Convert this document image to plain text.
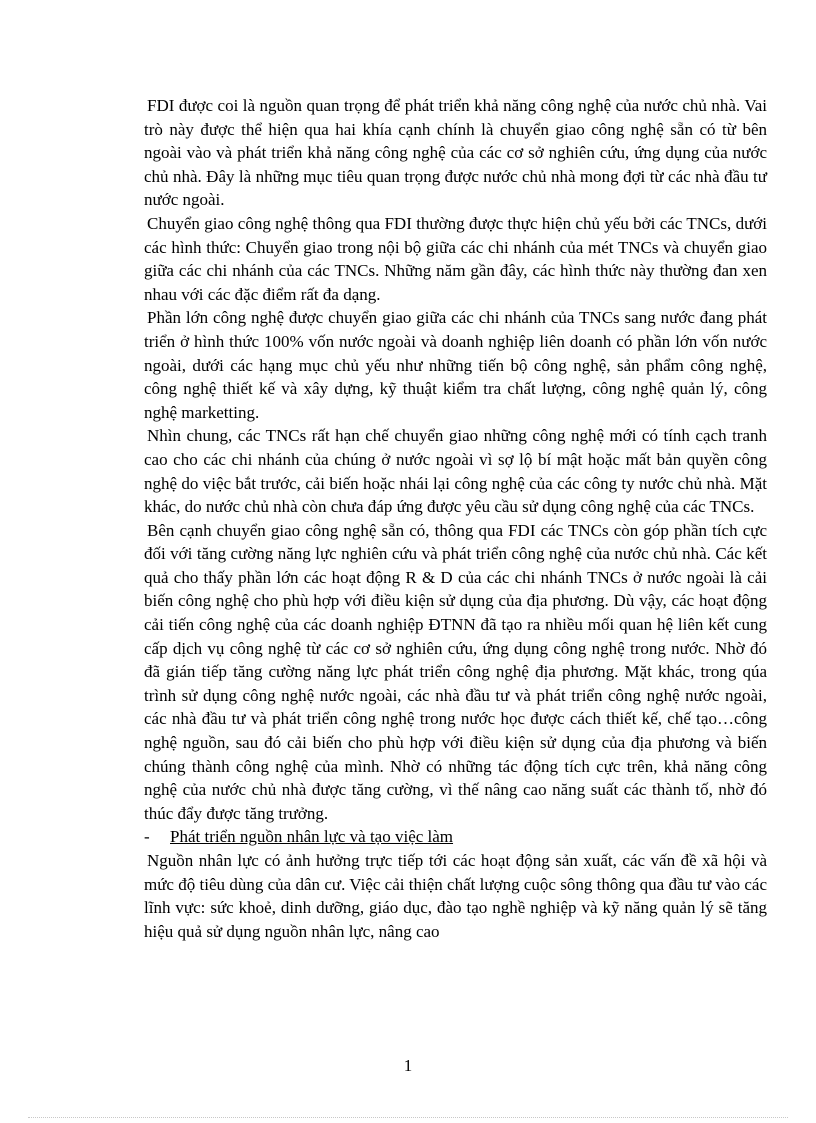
FDI được coi là nguồn quan trọng để phát triển khả năng công nghệ của nước chủ nhà. Vai trò này được thể hiện qua hai khía cạnh chính là chuyển giao công nghệ sẵn có từ bên ngoài vào và phát triển khả năng công nghệ của các cơ sở nghiên cứu, ứng dụng của nước chủ nhà. Đây là những mục tiêu quan trọng được nước chủ nhà mong đợi từ các nhà đầu tư nước ngoài.

Chuyển giao công nghệ thông qua FDI thường được thực hiện chủ yếu bởi các TNCs, dưới các hình thức: Chuyển giao trong nội bộ giữa các chi nhánh của mét TNCs và chuyển giao giữa các chi nhánh của các TNCs. Những năm gần đây, các hình thức này thường đan xen nhau với các đặc điểm rất đa dạng.

Phần lớn công nghệ được chuyển giao giữa các chi nhánh của TNCs sang nước đang phát triển ở hình thức 100% vốn nước ngoài và doanh nghiệp liên doanh có phần lớn vốn nước ngoài, dưới các hạng mục chủ yếu như những tiến bộ công nghệ, sản phẩm công nghệ, công nghệ thiết kế và xây dựng, kỹ thuật kiểm tra chất lượng, công nghệ quản lý, công nghệ marketting.

Nhìn chung, các TNCs rất hạn chế chuyển giao những công nghệ mới có tính cạch tranh cao cho các chi nhánh của chúng ở nước ngoài vì sợ lộ bí mật hoặc mất bản quyền công nghệ do việc bắt trước, cải biến hoặc nhái lại công nghệ của các công ty nước chủ nhà. Mặt khác, do nước chủ nhà còn chưa đáp ứng được yêu cầu sử dụng công nghệ của các TNCs.

Bên cạnh chuyển giao công nghệ sẵn có, thông qua FDI các TNCs còn góp phần tích cực đối với tăng cường năng lực nghiên cứu và phát triển công nghệ của nước chủ nhà. Các kết quả cho thấy phần lớn các hoạt động R & D của các chi nhánh TNCs ở nước ngoài là cải biến công nghệ cho phù hợp với điều kiện sử dụng của địa phương. Dù vậy, các hoạt động cải tiến công nghệ của các doanh nghiệp ĐTNN đã tạo ra nhiều mối quan hệ liên kết cung cấp dịch vụ công nghệ từ các cơ sở nghiên cứu, ứng dụng công nghệ trong nước. Nhờ đó đã gián tiếp tăng cường năng lực phát triển công nghệ địa phương. Mặt khác, trong qúa trình sử dụng công nghệ nước ngoài, các nhà đầu tư và phát triển công nghệ nước ngoài, các nhà đầu tư và phát triển công nghệ trong nước học được cách thiết kế, chế tạo…công nghệ nguồn, sau đó cải biến cho phù hợp với điều kiện sử dụng của địa phương và biến chúng thành công nghệ của mình. Nhờ có những tác động tích cực trên, khả năng công nghệ của nước chủ nhà được tăng cường, vì thế nâng cao năng suất các thành tố, nhờ đó thúc đẩy được tăng trưởng.

-	Phát triển nguồn nhân lực và tạo việc làm

Nguồn nhân lực có ảnh hưởng trực tiếp tới các hoạt động sản xuất, các vấn đề xã hội và mức độ tiêu dùng của dân cư. Việc cải thiện chất lượng cuộc sông thông qua đầu tư vào các lĩnh vực: sức khoẻ, dinh dưỡng, giáo dục, đào tạo nghề nghiệp và kỹ năng quản lý sẽ tăng hiệu quả sử dụng nguồn nhân lực, nâng cao

1
